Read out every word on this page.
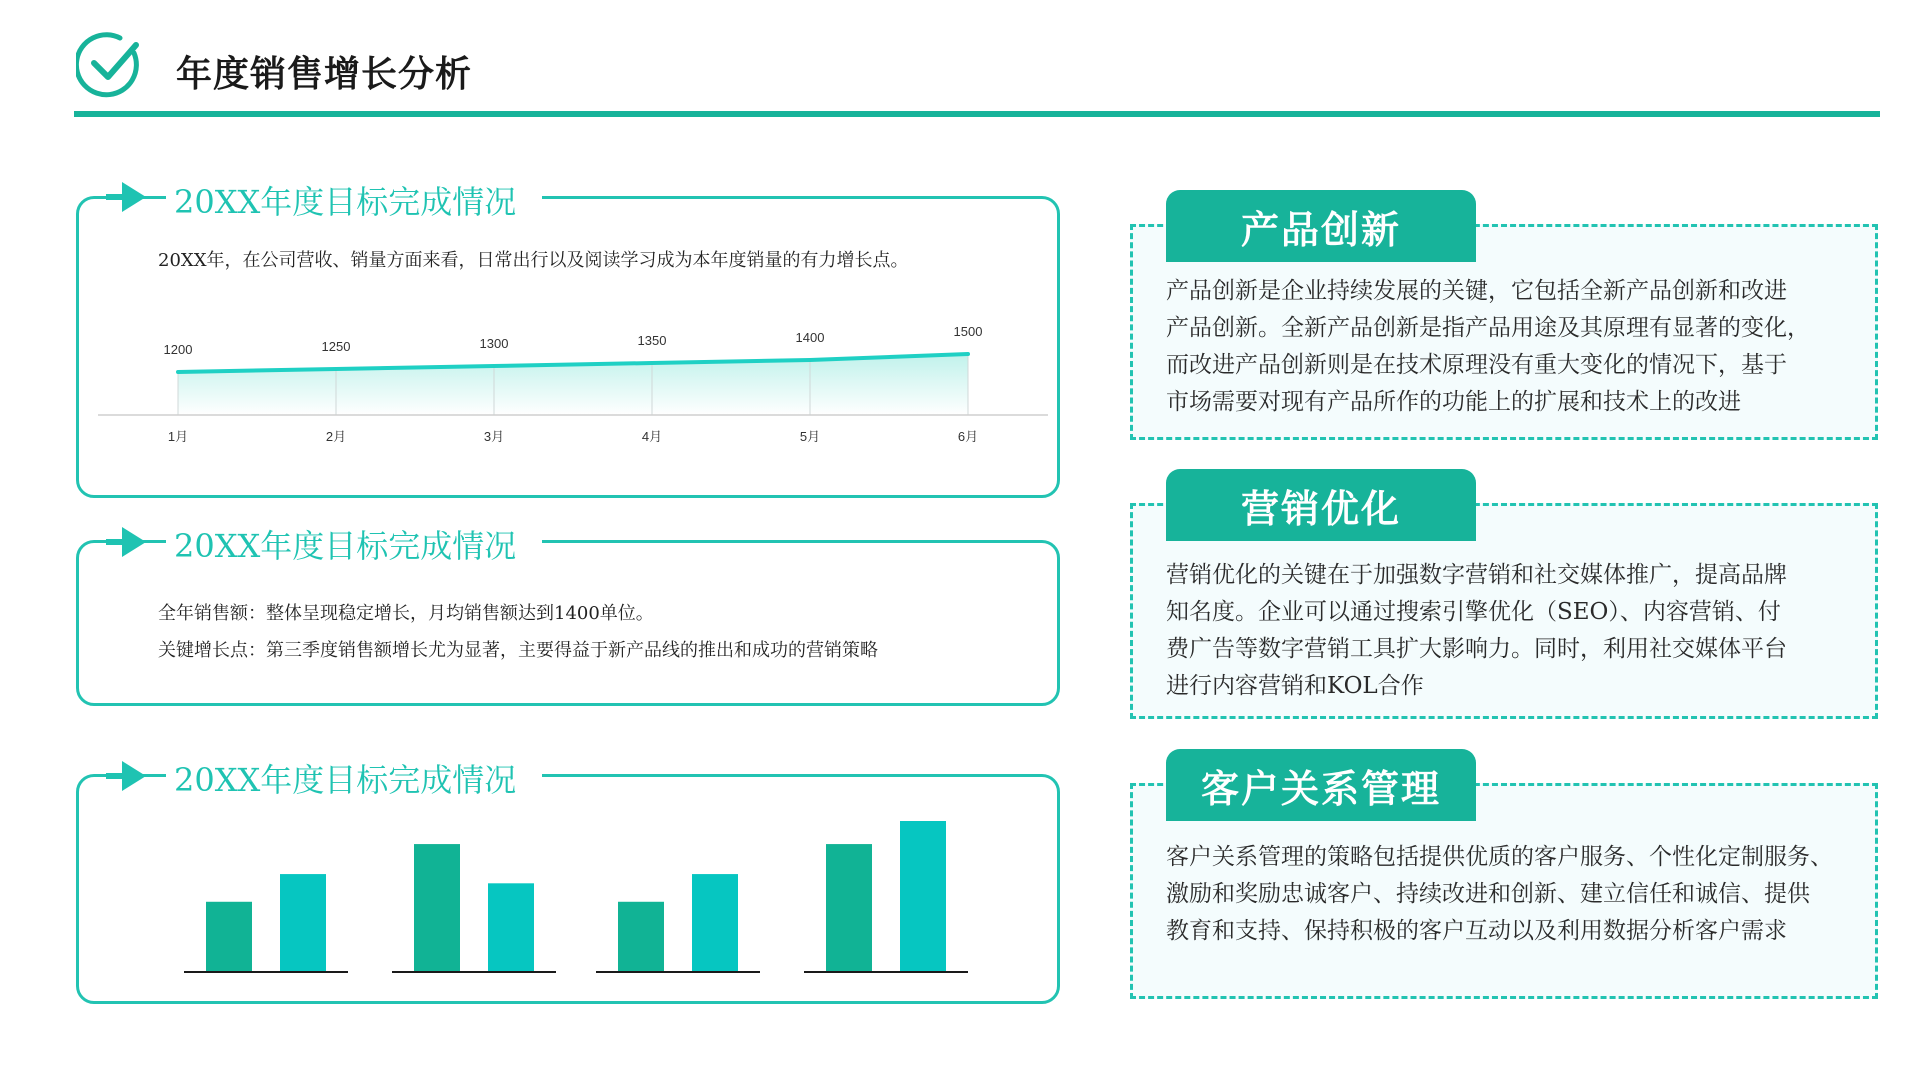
年度销售增长分析
20XX年度目标完成情况
20XX年，在公司营收、销量方面来看，日常出行以及阅读学习成为本年度销量的有力增长点。
1200	1250	1300	1350	1400	1500
1月	2月	3月	4月	5月	6月
20XX年度目标完成情况
全年销售额：整体呈现稳定增长，月均销售额达到1400单位。
关键增长点：第三季度销售额增长尤为显著，主要得益于新产品线的推出和成功的营销策略
20XX年度目标完成情况
产品创新
产品创新是企业持续发展的关键，它包括全新产品创新和改进
产品创新。全新产品创新是指产品用途及其原理有显著的变化，
而改进产品创新则是在技术原理没有重大变化的情况下，基于
市场需要对现有产品所作的功能上的扩展和技术上的改进
营销优化
营销优化的关键在于加强数字营销和社交媒体推广，提高品牌
知名度。企业可以通过搜索引擎优化（SEO）、内容营销、付
费广告等数字营销工具扩大影响力。同时，利用社交媒体平台
进行内容营销和KOL合作
客户关系管理
客户关系管理的策略包括提供优质的客户服务、个性化定制服务、
激励和奖励忠诚客户、持续改进和创新、建立信任和诚信、提供
教育和支持、保持积极的客户互动以及利用数据分析客户需求
